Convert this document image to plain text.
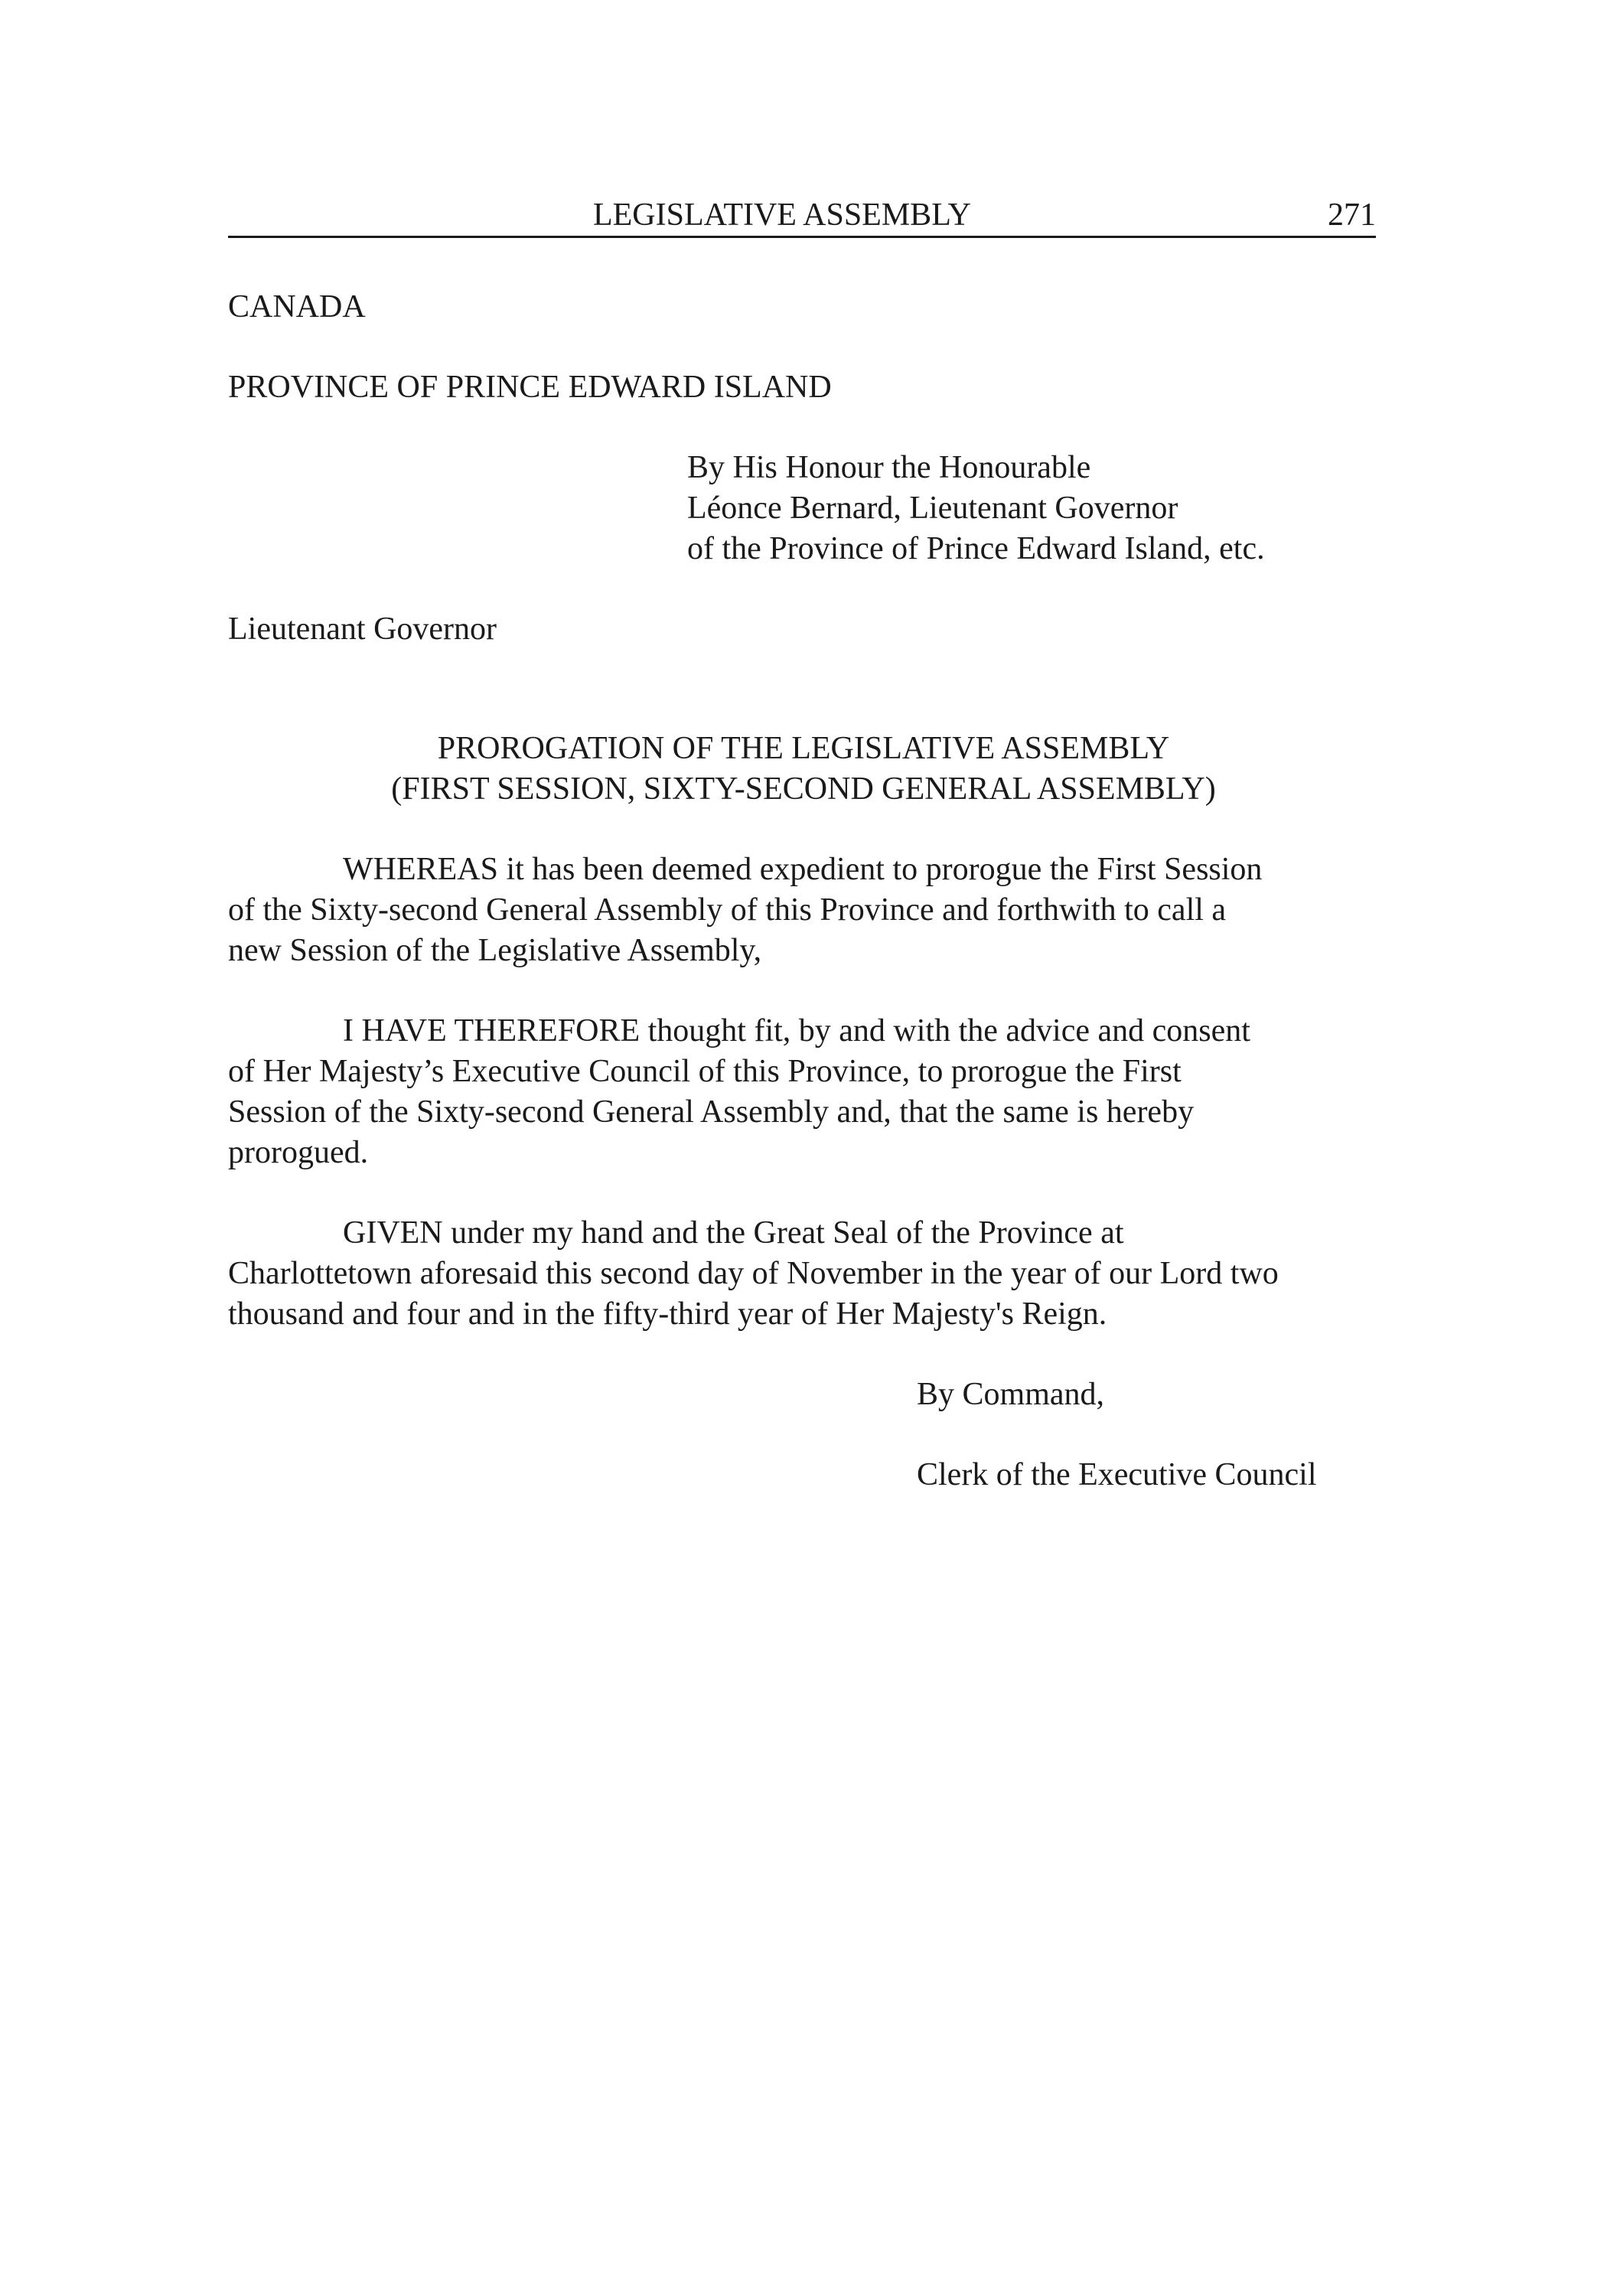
LEGISLATIVE ASSEMBLY	271
CANADA
PROVINCE OF PRINCE EDWARD ISLAND
By His Honour the Honourable
Léonce Bernard, Lieutenant Governor
of the Province of Prince Edward Island, etc.
Lieutenant Governor
PROROGATION OF THE LEGISLATIVE ASSEMBLY
(FIRST SESSION, SIXTY-SECOND GENERAL ASSEMBLY)
WHEREAS it has been deemed expedient to prorogue the First Session
of the Sixty-second General Assembly of this Province and forthwith to call a
new Session of the Legislative Assembly,
I HAVE THEREFORE thought fit, by and with the advice and consent
of Her Majesty’s Executive Council of this Province, to prorogue the First
Session of the Sixty-second General Assembly and, that the same is hereby
prorogued.
GIVEN under my hand and the Great Seal of the Province at
Charlottetown aforesaid this second day of November in the year of our Lord two
thousand and four and in the fifty-third year of Her Majesty's Reign.
By Command,
Clerk of the Executive Council
